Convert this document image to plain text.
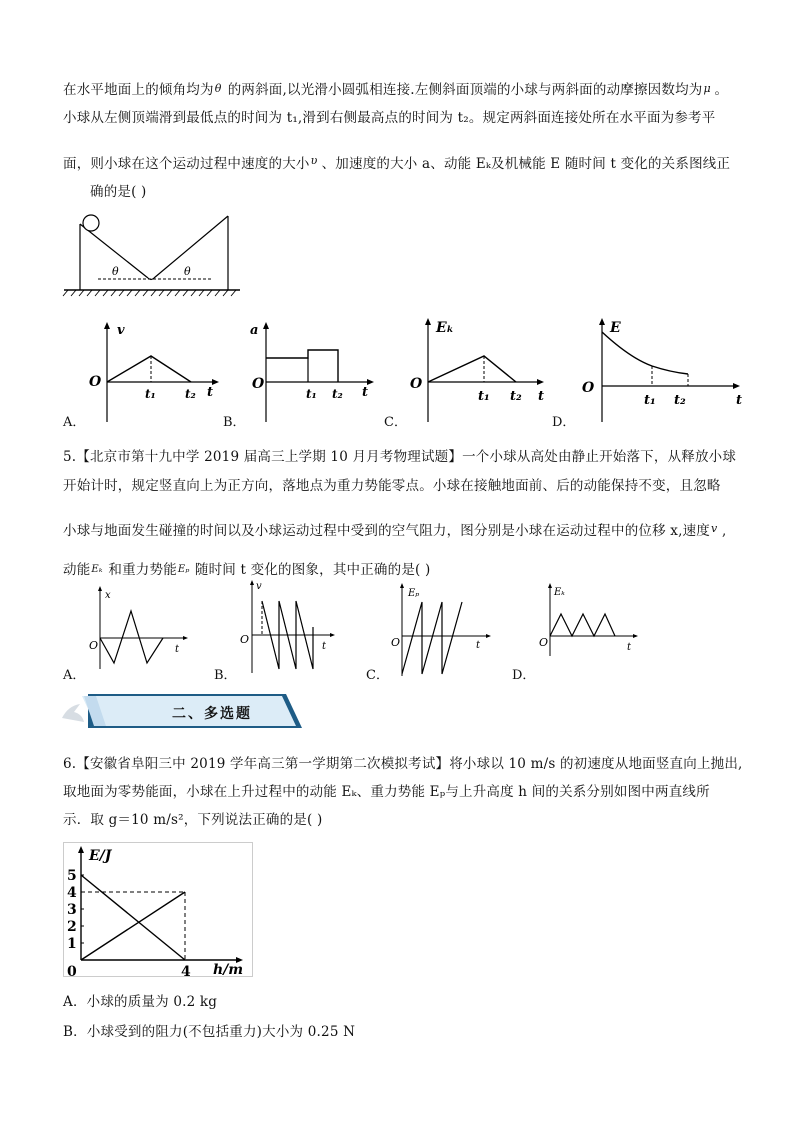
在水平地面上的倾角均为 θ 的两斜面,以光滑小圆弧相连接.左侧斜面顶端的小球与两斜面的动摩擦因数均为 μ 。
小球从左侧顶端滑到最低点的时间为 t₁,滑到右侧最高点的时间为 t₂。规定两斜面连接处所在水平面为参考平
面，则小球在这个运动过程中速度的大小 υ 、加速度的大小 a、动能 Eₖ及机械能 E 随时间 t 变化的关系图线正
确的是( )
θ	θ
v
O
t₁ t₂ t
A．
a
O
t₁ t₂ t
B．
Eₖ
O
t₁ t₂ t
C．
E
O
t₁ t₂	t
D．
5.【北京市第十九中学 2019 届高三上学期 10 月月考物理试题】一个小球从高处由静止开始落下，从释放小球
开始计时，规定竖直向上为正方向，落地点为重力势能零点。小球在接触地面前、后的动能保持不变，且忽略
小球与地面发生碰撞的时间以及小球运动过程中受到的空气阻力，图分别是小球在运动过程中的位移 x,速度 v ,
动能 Eₖ 和重力势能 Eₚ 随时间 t 变化的图象，其中正确的是( )
x
O	t
A．
v
O
t
B．
Eₚ
O	t
C．
Eₖ
O	t
D．
二、多选题
6.【安徽省阜阳三中 2019 学年高三第一学期第二次模拟考试】将小球以 10 m/s 的初速度从地面竖直向上抛出,
取地面为零势能面，小球在上升过程中的动能 Eₖ、重力势能 Eₚ与上升高度 h 间的关系分别如图中两直线所
示．取 g＝10 m/s²，下列说法正确的是( )
E/J
h/m
5
4
3
2
1
0	4
A．小球的质量为 0.2 kg
B．小球受到的阻力(不包括重力)大小为 0.25 N
